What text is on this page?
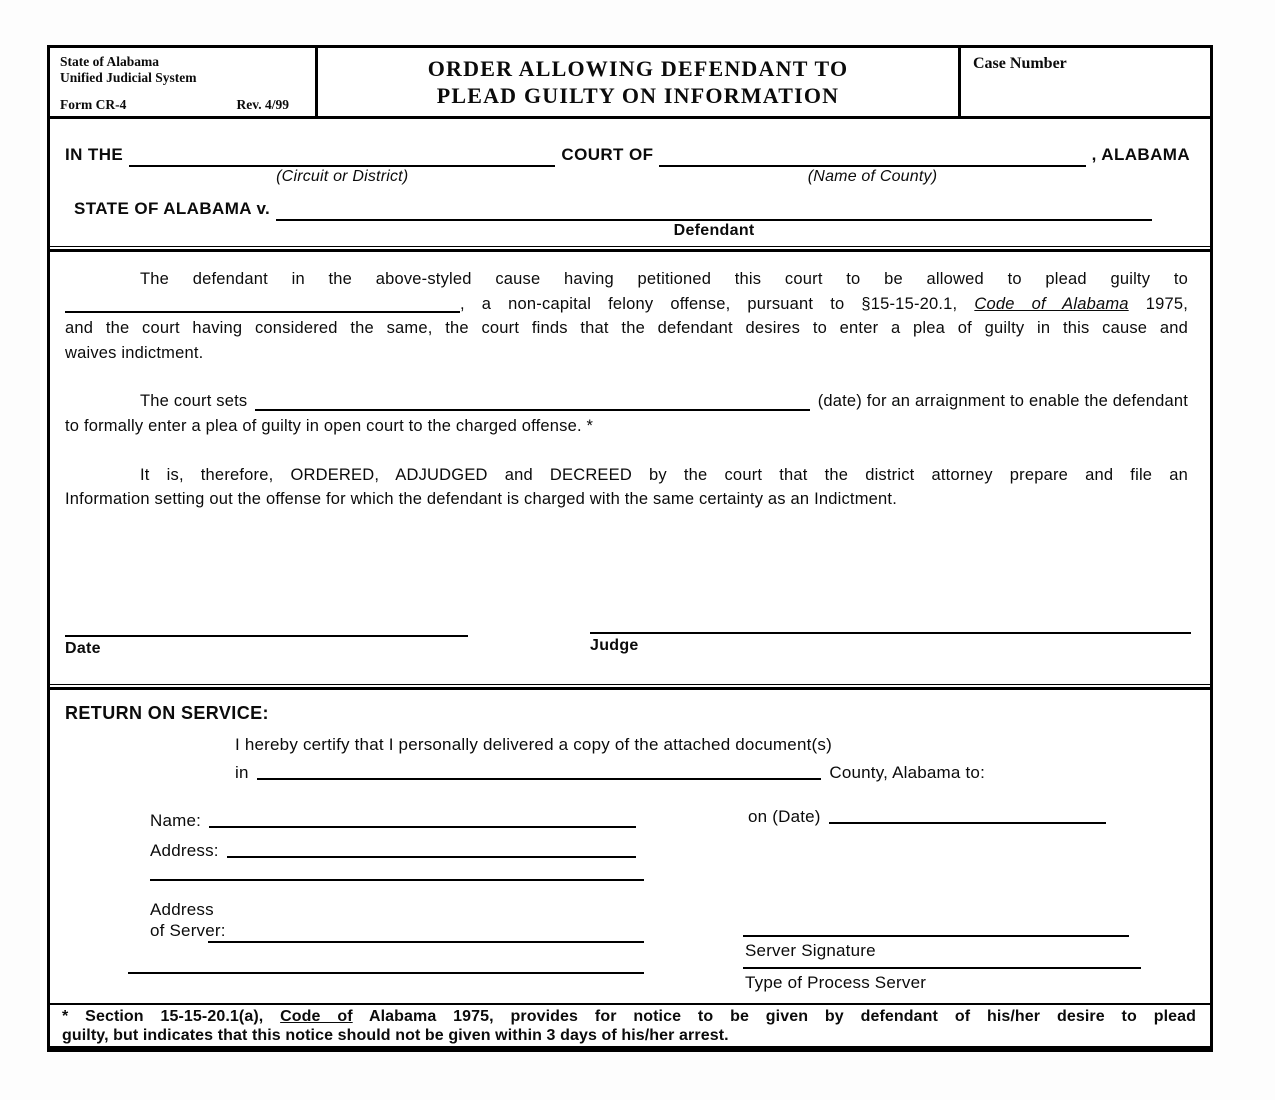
State of Alabama
Unified Judicial System
Form CR-4	Rev. 4/99
ORDER ALLOWING DEFENDANT TO
PLEAD GUILTY ON INFORMATION
Case Number
IN THE
(Circuit or District)
COURT OF
(Name of County)
, ALABAMA
STATE OF ALABAMA v.
Defendant
The defendant in the above-styled cause having petitioned this court to be allowed to plead guilty to
, a non-capital felony offense, pursuant to §15-15-20.1, Code of Alabama 1975,
and the court having considered the same, the court finds that the defendant desires to enter a plea of guilty in this cause and
waives indictment.
The court sets	(date) for an arraignment to enable the defendant
to formally enter a plea of guilty in open court to the charged offense. *
It is, therefore, ORDERED, ADJUDGED and DECREED by the court that the district attorney prepare and file an
Information setting out the offense for which the defendant is charged with the same certainty as an Indictment.
Date	Judge
RETURN ON SERVICE:
I hereby certify that I personally delivered a copy of the attached document(s)
in	County, Alabama to:
Name:	on (Date)
Address:
Address
of Server:
Server Signature
Type of Process Server
* Section 15-15-20.1(a), Code of Alabama 1975, provides for notice to be given by defendant of his/her desire to plead
guilty, but indicates that this notice should not be given within 3 days of his/her arrest.
